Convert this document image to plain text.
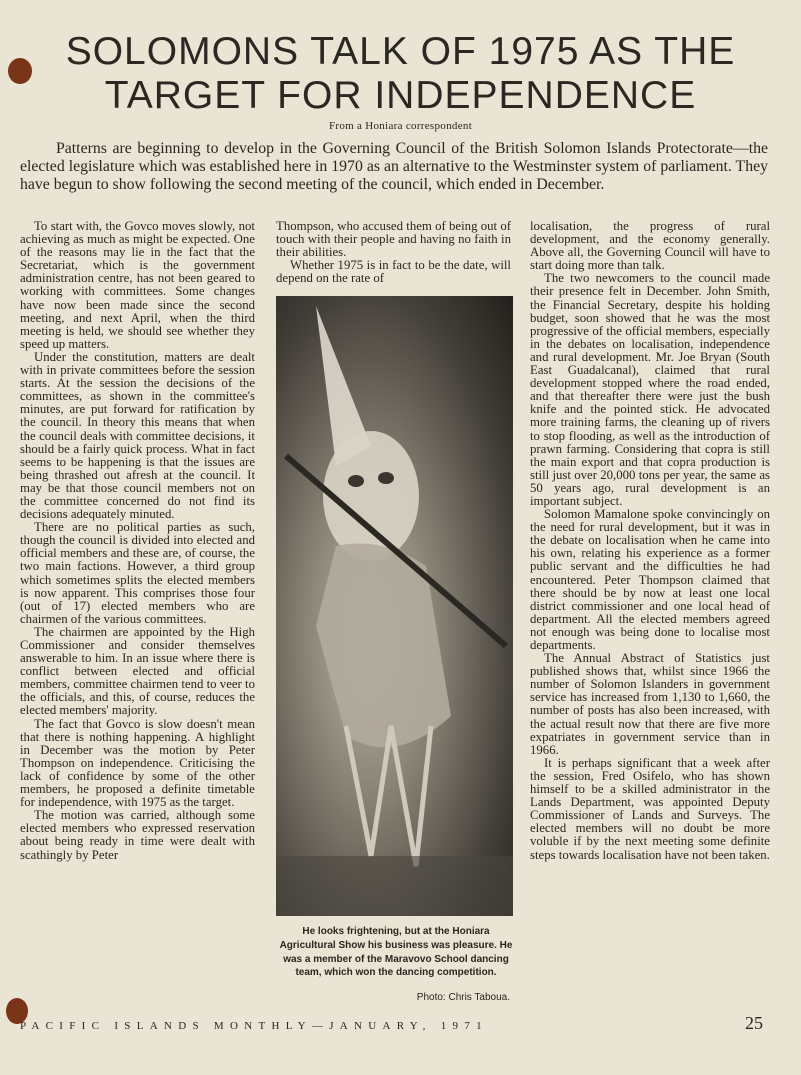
SOLOMONS TALK OF 1975 AS THE TARGET FOR INDEPENDENCE
From a Honiara correspondent

Patterns are beginning to develop in the Governing Council of the British Solomon Islands Protectorate—the elected legislature which was established here in 1970 as an alternative to the Westminster system of parliament. They have begun to show following the second meeting of the council, which ended in December.

To start with, the Govco moves slowly, not achieving as much as might be expected. One of the reasons may lie in the fact that the Secretariat, which is the government administration centre, has not been geared to working with committees. Some changes have now been made since the second meeting, and next April, when the third meeting is held, we should see whether they speed up matters.

Under the constitution, matters are dealt with in private committees before the session starts. At the session the decisions of the committees, as shown in the committee's minutes, are put forward for ratification by the council. In theory this means that when the council deals with committee decisions, it should be a fairly quick process. What in fact seems to be happening is that the issues are being thrashed out afresh at the council. It may be that those council members not on the committee concerned do not find its decisions adequately minuted.

There are no political parties as such, though the council is divided into elected and official members and these are, of course, the two main factions. However, a third group which sometimes splits the elected members is now apparent. This comprises those four (out of 17) elected members who are chairmen of the various committees.

The chairmen are appointed by the High Commissioner and consider themselves answerable to him. In an issue where there is conflict between elected and official members, committee chairmen tend to veer to the officials, and this, of course, reduces the elected members' majority.

The fact that Govco is slow doesn't mean that there is nothing happening. A highlight in December was the motion by Peter Thompson on independence. Criticising the lack of confidence by some of the other members, he proposed a definite timetable for independence, with 1975 as the target.

The motion was carried, although some elected members who expressed reservation about being ready in time were dealt with scathingly by Peter

Thompson, who accused them of being out of touch with their people and having no faith in their abilities.

Whether 1975 is in fact to be the date, will depend on the rate of

He looks frightening, but at the Honiara Agricultural Show his business was pleasure. He was a member of the Maravovo School dancing team, which won the dancing competition.
Photo: Chris Taboua.

localisation, the progress of rural development, and the economy generally. Above all, the Governing Council will have to start doing more than talk.

The two newcomers to the council made their presence felt in December. John Smith, the Financial Secretary, despite his holding budget, soon showed that he was the most progressive of the official members, especially in the debates on localisation, independence and rural development. Mr. Joe Bryan (South East Guadalcanal), claimed that rural development stopped where the road ended, and that thereafter there were just the bush knife and the pointed stick. He advocated more training farms, the cleaning up of rivers to stop flooding, as well as the introduction of prawn farming. Considering that copra is still the main export and that copra production is still just over 20,000 tons per year, the same as 50 years ago, rural development is an important subject.

Solomon Mamalone spoke convincingly on the need for rural development, but it was in the debate on localisation when he came into his own, relating his experience as a former public servant and the difficulties he had encountered. Peter Thompson claimed that there should be by now at least one local district commissioner and one local head of department. All the elected members agreed not enough was being done to localise most departments.

The Annual Abstract of Statistics just published shows that, whilst since 1966 the number of Solomon Islanders in government service has increased from 1,130 to 1,660, the number of posts has also been increased, with the actual result now that there are five more expatriates in government service than in 1966.

It is perhaps significant that a week after the session, Fred Osifelo, who has shown himself to be a skilled administrator in the Lands Department, was appointed Deputy Commissioner of Lands and Surveys. The elected members will no doubt be more voluble if by the next meeting some definite steps towards localisation have not been taken.

PACIFIC ISLANDS MONTHLY—JANUARY, 1971	25
